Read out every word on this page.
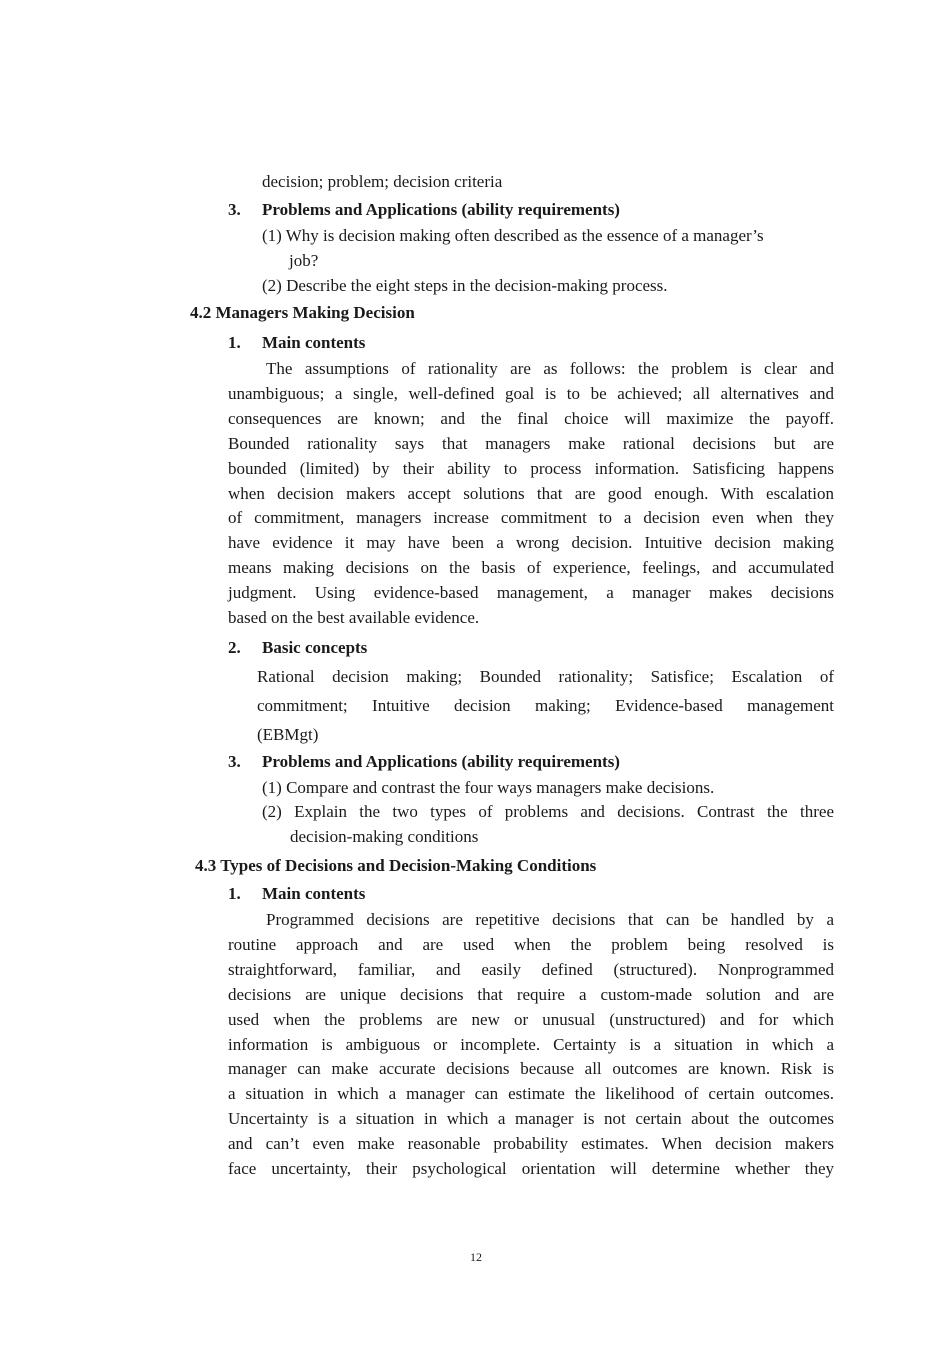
decision; problem; decision criteria
3. Problems and Applications (ability requirements)
(1) Why is decision making often described as the essence of a manager’s
job?
(2) Describe the eight steps in the decision-making process.
4.2 Managers Making Decision
1. Main contents
The assumptions of rationality are as follows: the problem is clear and
unambiguous; a single, well-defined goal is to be achieved; all alternatives and
consequences are known; and the final choice will maximize the payoff.
Bounded rationality says that managers make rational decisions but are
bounded (limited) by their ability to process information. Satisficing happens
when decision makers accept solutions that are good enough. With escalation
of commitment, managers increase commitment to a decision even when they
have evidence it may have been a wrong decision. Intuitive decision making
means making decisions on the basis of experience, feelings, and accumulated
judgment. Using evidence-based management, a manager makes decisions
based on the best available evidence.
2. Basic concepts
Rational decision making; Bounded rationality; Satisfice; Escalation of
commitment; Intuitive decision making; Evidence-based management
(EBMgt)
3. Problems and Applications (ability requirements)
(1) Compare and contrast the four ways managers make decisions.
(2) Explain the two types of problems and decisions. Contrast the three
decision-making conditions
4.3 Types of Decisions and Decision-Making Conditions
1. Main contents
Programmed decisions are repetitive decisions that can be handled by a
routine approach and are used when the problem being resolved is
straightforward, familiar, and easily defined (structured). Nonprogrammed
decisions are unique decisions that require a custom-made solution and are
used when the problems are new or unusual (unstructured) and for which
information is ambiguous or incomplete. Certainty is a situation in which a
manager can make accurate decisions because all outcomes are known. Risk is
a situation in which a manager can estimate the likelihood of certain outcomes.
Uncertainty is a situation in which a manager is not certain about the outcomes
and can’t even make reasonable probability estimates. When decision makers
face uncertainty, their psychological orientation will determine whether they
12
